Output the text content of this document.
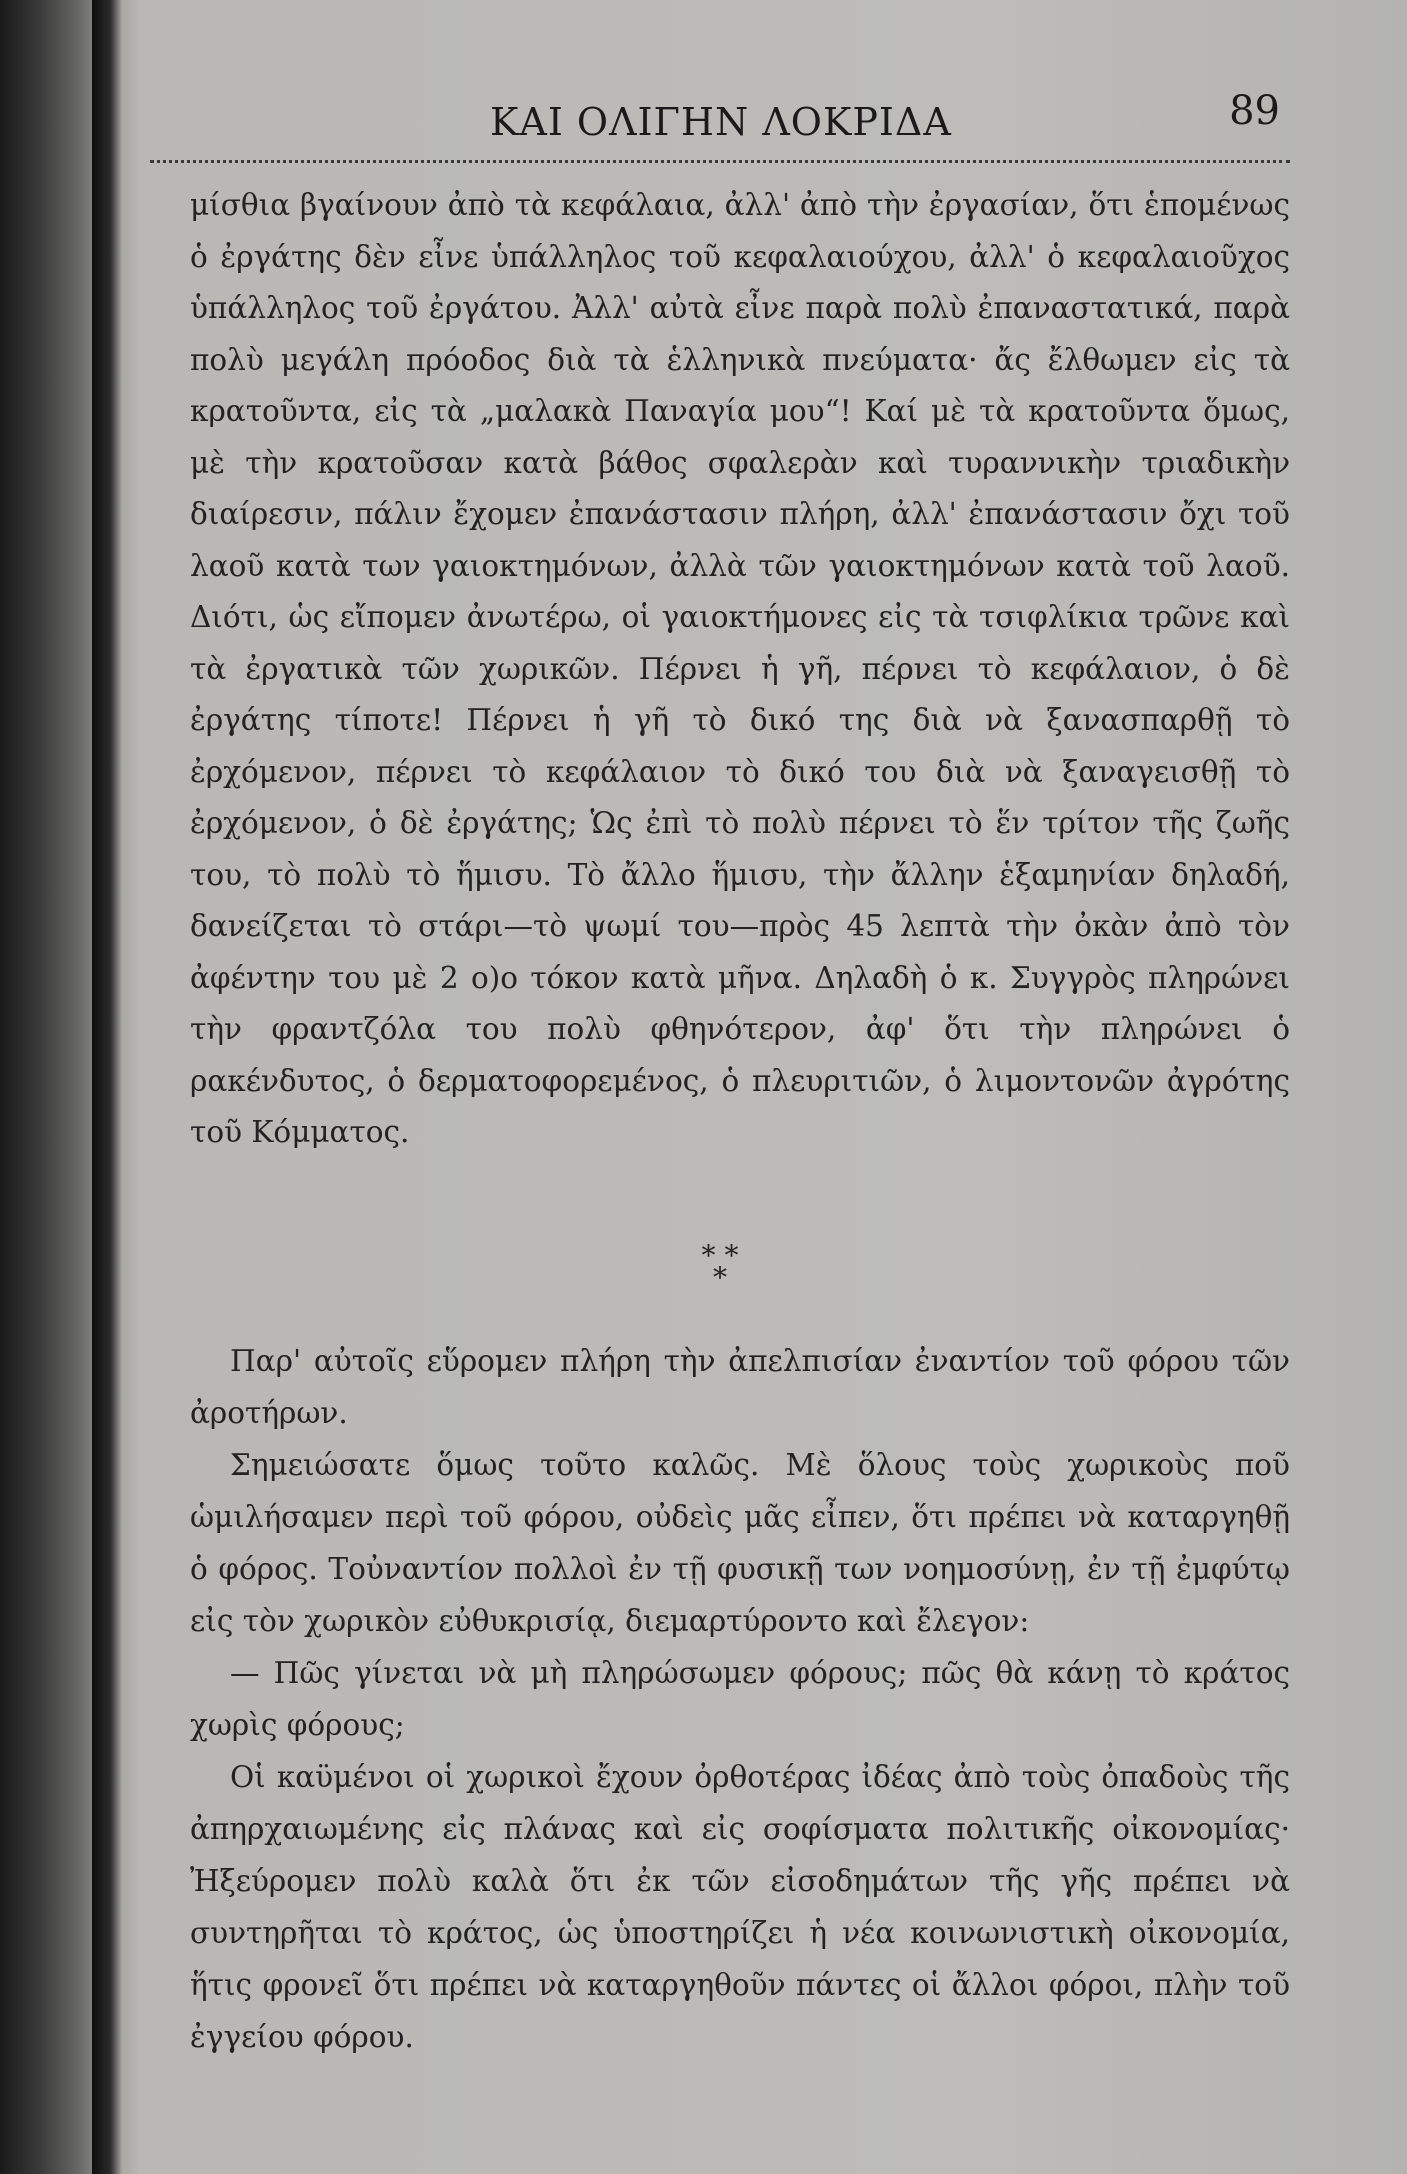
ΚΑΙ ΟΛΙΓΗΝ ΛΟΚΡΙΔΑ	89

μίσθια βγαίνουν ἀπὸ τὰ κεφάλαια, ἀλλ' ἀπὸ τὴν ἐργασίαν, ὅτι ἑπομένως ὁ ἐργάτης δὲν εἶνε ὑπάλληλος τοῦ κεφαλαιούχου, ἀλλ' ὁ κεφαλαιοῦχος ὑπάλληλος τοῦ ἐργάτου. Ἀλλ' αὐτὰ εἶνε παρὰ πολὺ ἐπαναστατικά, παρὰ πολὺ μεγάλη πρόοδος διὰ τὰ ἑλληνικὰ πνεύματα· ἄς ἔλθωμεν εἰς τὰ κρατοῦντα, εἰς τὰ „μαλακὰ Παναγία μου“! Καί μὲ τὰ κρατοῦντα ὅμως, μὲ τὴν κρατοῦσαν κατὰ βάθος σφαλερὰν καὶ τυραννικὴν τριαδικὴν διαίρεσιν, πάλιν ἔχομεν ἐπανάστασιν πλήρη, ἀλλ' ἐπανάστασιν ὄχι τοῦ λαοῦ κατὰ των γαιοκτημόνων, ἀλλὰ τῶν γαιοκτημόνων κατὰ τοῦ λαοῦ. Διότι, ὡς εἴπομεν ἀνωτέρω, οἱ γαιοκτήμονες εἰς τὰ τσιφλίκια τρῶνε καὶ τὰ ἐργατικὰ τῶν χωρικῶν. Πέρνει ἡ γῆ, πέρνει τὸ κεφάλαιον, ὁ δὲ ἐργάτης τίποτε! Πέρνει ἡ γῆ τὸ δικό της διὰ νὰ ξανασπαρθῇ τὸ ἐρχόμενον, πέρνει τὸ κεφάλαιον τὸ δικό του διὰ νὰ ξαναγεισθῇ τὸ ἐρχόμενον, ὁ δὲ ἐργάτης; Ὡς ἐπὶ τὸ πολὺ πέρνει τὸ ἕν τρίτον τῆς ζωῆς του, τὸ πολὺ τὸ ἥμισυ. Τὸ ἄλλο ἥμισυ, τὴν ἄλλην ἑξαμηνίαν δηλαδή, δανείζεται τὸ στάρι—τὸ ψωμί του—πρὸς 45 λεπτὰ τὴν ὀκὰν ἀπὸ τὸν ἀφέντην του μὲ 2 ο)ο τόκον κατὰ μῆνα. Δηλαδὴ ὁ κ. Συγγρὸς πληρώνει τὴν φραντζόλα του πολὺ φθηνότερον, ἀφ' ὅτι τὴν πληρώνει ὁ ρακένδυτος, ὁ δερματοφορεμένος, ὁ πλευριτιῶν, ὁ λιμοντονῶν ἀγρότης τοῦ Κόμματος.

* *
*

Παρ' αὐτοῖς εὕρομεν πλήρη τὴν ἀπελπισίαν ἐναντίον τοῦ φόρου τῶν ἀροτήρων.

Σημειώσατε ὅμως τοῦτο καλῶς. Μὲ ὅλους τοὺς χωρικοὺς ποῦ ὡμιλήσαμεν περὶ τοῦ φόρου, οὐδεὶς μᾶς εἶπεν, ὅτι πρέπει νὰ καταργηθῇ ὁ φόρος. Τοὐναντίον πολλοὶ ἐν τῇ φυσικῇ των νοημοσύνῃ, ἐν τῇ ἐμφύτῳ εἰς τὸν χωρικὸν εὐθυκρισίᾳ, διεμαρτύροντο καὶ ἔλεγον:

— Πῶς γίνεται νὰ μὴ πληρώσωμεν φόρους; πῶς θὰ κάνῃ τὸ κράτος χωρὶς φόρους;

Οἱ καϋμένοι οἱ χωρικοὶ ἔχουν ὀρθοτέρας ἰδέας ἀπὸ τοὺς ὀπαδοὺς τῆς ἀπηρχαιωμένης εἰς πλάνας καὶ εἰς σοφίσματα πολιτικῆς οἰκονομίας· Ἠξεύρομεν πολὺ καλὰ ὅτι ἐκ τῶν εἰσοδημάτων τῆς γῆς πρέπει νὰ συντηρῆται τὸ κράτος, ὡς ὑποστηρίζει ἡ νέα κοινωνιστικὴ οἰκονομία, ἥτις φρονεῖ ὅτι πρέπει νὰ καταργηθοῦν πάντες οἱ ἄλλοι φόροι, πλὴν τοῦ ἐγγείου φόρου.
